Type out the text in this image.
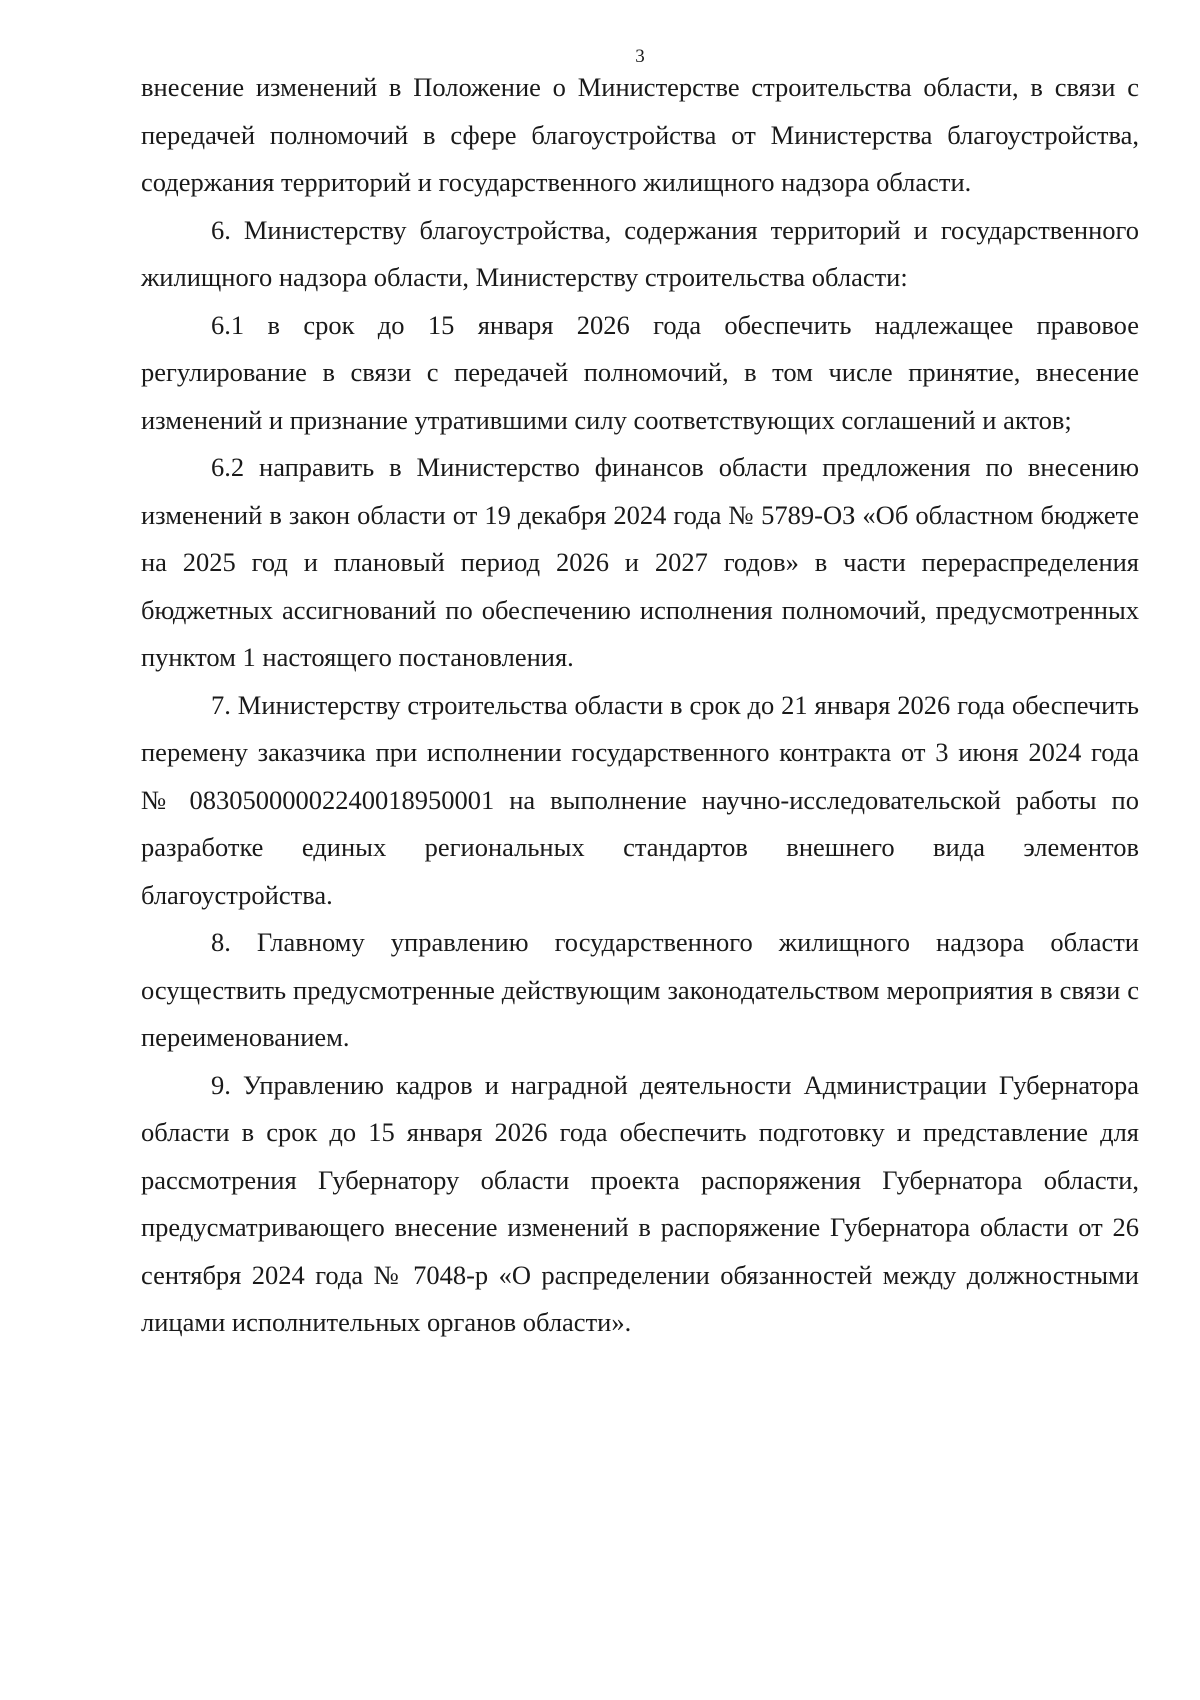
3

внесение изменений в Положение о Министерстве строительства области, в связи с передачей полномочий в сфере благоустройства от Министерства благоустройства, содержания территорий и государственного жилищного надзора области.

6. Министерству благоустройства, содержания территорий и государственного жилищного надзора области, Министерству строительства области:

6.1 в срок до 15 января 2026 года обеспечить надлежащее правовое регулирование в связи с передачей полномочий, в том числе принятие, внесение изменений и признание утратившими силу соответствующих соглашений и актов;

6.2 направить в Министерство финансов области предложения по внесению изменений в закон области от 19 декабря 2024 года № 5789-ОЗ «Об областном бюджете на 2025 год и плановый период 2026 и 2027 годов» в части перераспределения бюджетных ассигнований по обеспечению исполнения полномочий, предусмотренных пунктом 1 настоящего постановления.

7. Министерству строительства области в срок до 21 января 2026 года обеспечить перемену заказчика при исполнении государственного контракта от 3 июня 2024 года № 0830500000224001895000​1 на выполнение научно-исследовательской работы по разработке единых региональных стандартов внешнего вида элементов благоустройства.

8. Главному управлению государственного жилищного надзора области осуществить предусмотренные действующим законодательством мероприятия в связи с переименованием.

9. Управлению кадров и наградной деятельности Администрации Губернатора области в срок до 15 января 2026 года обеспечить подготовку и представление для рассмотрения Губернатору области проекта распоряжения Губернатора области, предусматривающего внесение изменений в распоряжение Губернатора области от 26 сентября 2024 года № 7048-р «О распределении обязанностей между должностными лицами исполнительных органов области».
